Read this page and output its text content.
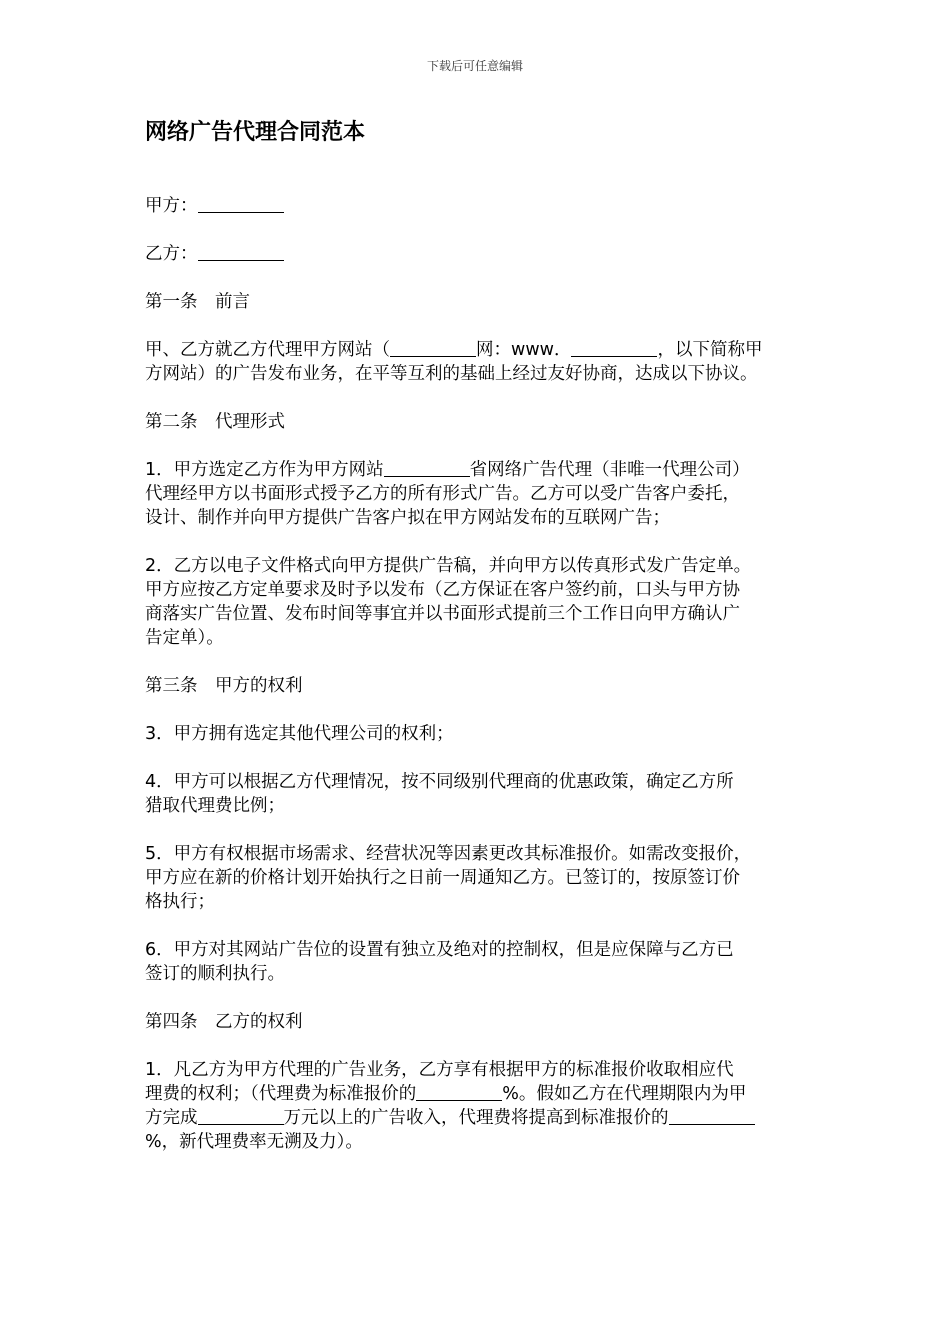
下载后可任意编辑
网络广告代理合同范本
甲方：
乙方：
第一条　前言
甲、乙方就乙方代理甲方网站（	网：www．	，以下简称甲
方网站）的广告发布业务，在平等互利的基础上经过友好协商，达成以下协议。
第二条　代理形式
1．甲方选定乙方作为甲方网站	省网络广告代理（非唯一代理公司）
代理经甲方以书面形式授予乙方的所有形式广告。乙方可以受广告客户委托，
设计、制作并向甲方提供广告客户拟在甲方网站发布的互联网广告；
2．乙方以电子文件格式向甲方提供广告稿，并向甲方以传真形式发广告定单。
甲方应按乙方定单要求及时予以发布（乙方保证在客户签约前，口头与甲方协
商落实广告位置、发布时间等事宜并以书面形式提前三个工作日向甲方确认广
告定单）。
第三条　甲方的权利
3．甲方拥有选定其他代理公司的权利；
4．甲方可以根据乙方代理情况，按不同级别代理商的优惠政策，确定乙方所
猎取代理费比例；
5．甲方有权根据市场需求、经营状况等因素更改其标准报价。如需改变报价，
甲方应在新的价格计划开始执行之日前一周通知乙方。已签订的，按原签订价
格执行；
6．甲方对其网站广告位的设置有独立及绝对的控制权，但是应保障与乙方已
签订的顺利执行。
第四条　乙方的权利
1．凡乙方为甲方代理的广告业务，乙方享有根据甲方的标准报价收取相应代
理费的权利；（代理费为标准报价的	%。假如乙方在代理期限内为甲
方完成	万元以上的广告收入，代理费将提高到标准报价的
%，新代理费率无溯及力）。
